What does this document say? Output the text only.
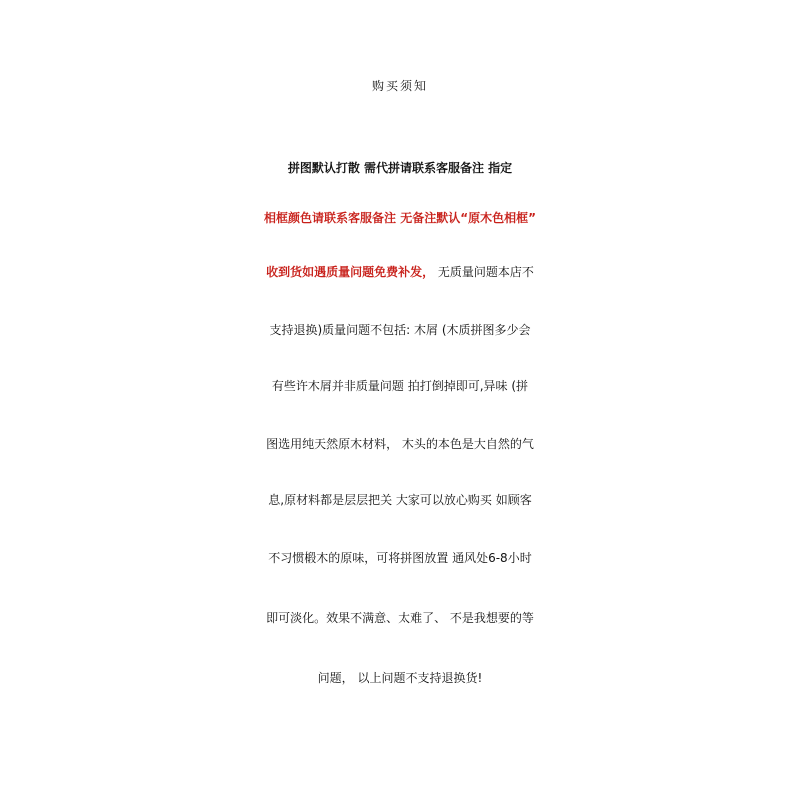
购买须知
拼图默认打散 需代拼请联系客服备注 指定
相框颜色请联系客服备注 无备注默认“原木色相框”
收到货如遇质量问题免费补发， 无质量问题本店不
支持退换)质量问题不包括: 木屑 (木质拼图多少会
有些许木屑并非质量问题 拍打倒掉即可,异味 (拼
图选用纯天然原木材料， 木头的本色是大自然的气
息,原材料都是层层把关 大家可以放心购买 如顾客
不习惯椴木的原味，可将拼图放置 通风处6-8小时
即可淡化。效果不满意、太难了、 不是我想要的等
问题， 以上问题不支持退换货!
